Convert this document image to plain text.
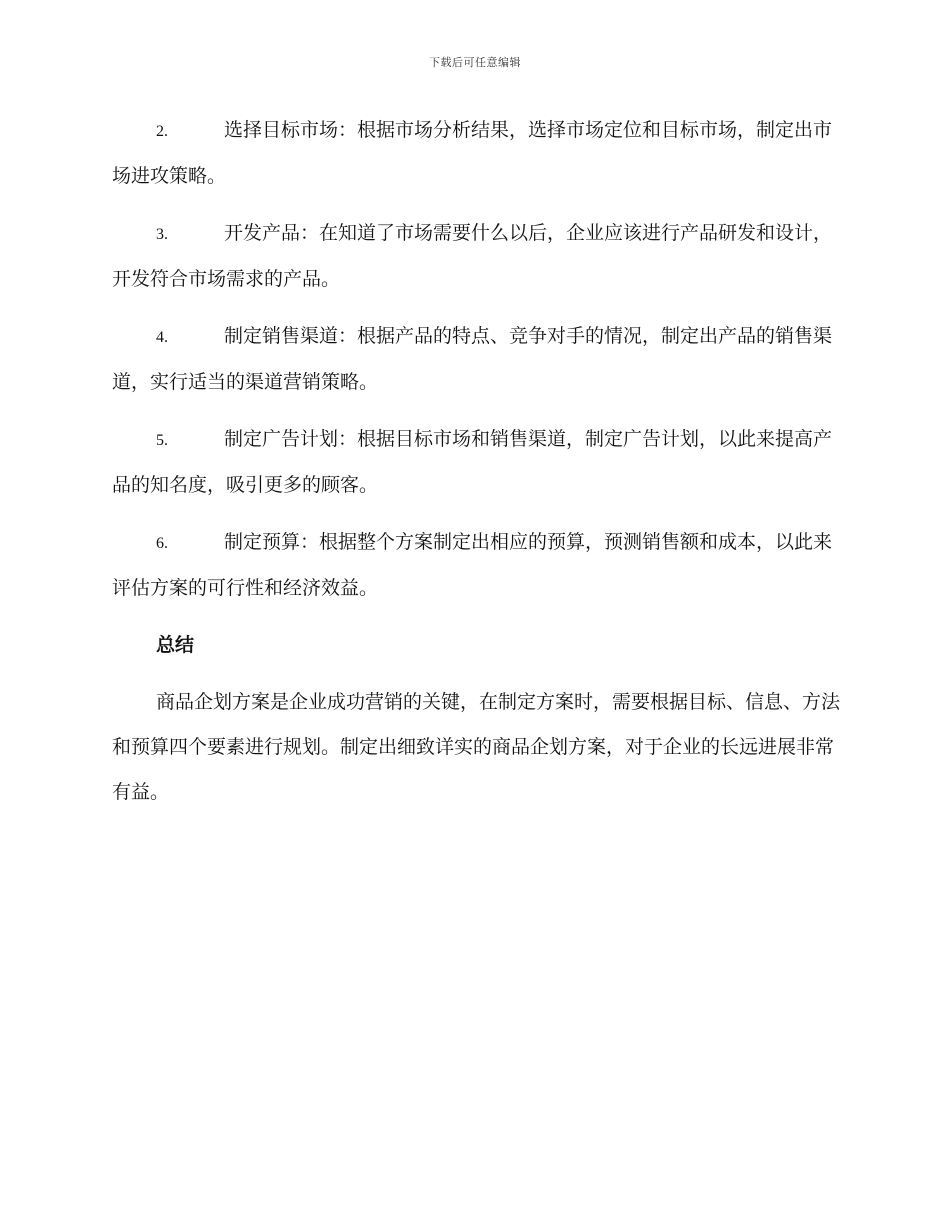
下载后可任意编辑
2.	选择目标市场：根据市场分析结果，选择市场定位和目标市场，制定出市场进攻策略。
3.	开发产品：在知道了市场需要什么以后，企业应该进行产品研发和设计，开发符合市场需求的产品。
4.	制定销售渠道：根据产品的特点、竞争对手的情况，制定出产品的销售渠道，实行适当的渠道营销策略。
5.	制定广告计划：根据目标市场和销售渠道，制定广告计划，以此来提高产品的知名度，吸引更多的顾客。
6.	制定预算：根据整个方案制定出相应的预算，预测销售额和成本，以此来评估方案的可行性和经济效益。
总结

商品企划方案是企业成功营销的关键，在制定方案时，需要根据目标、信息、方法和预算四个要素进行规划。制定出细致详实的商品企划方案，对于企业的长远进展非常有益。
